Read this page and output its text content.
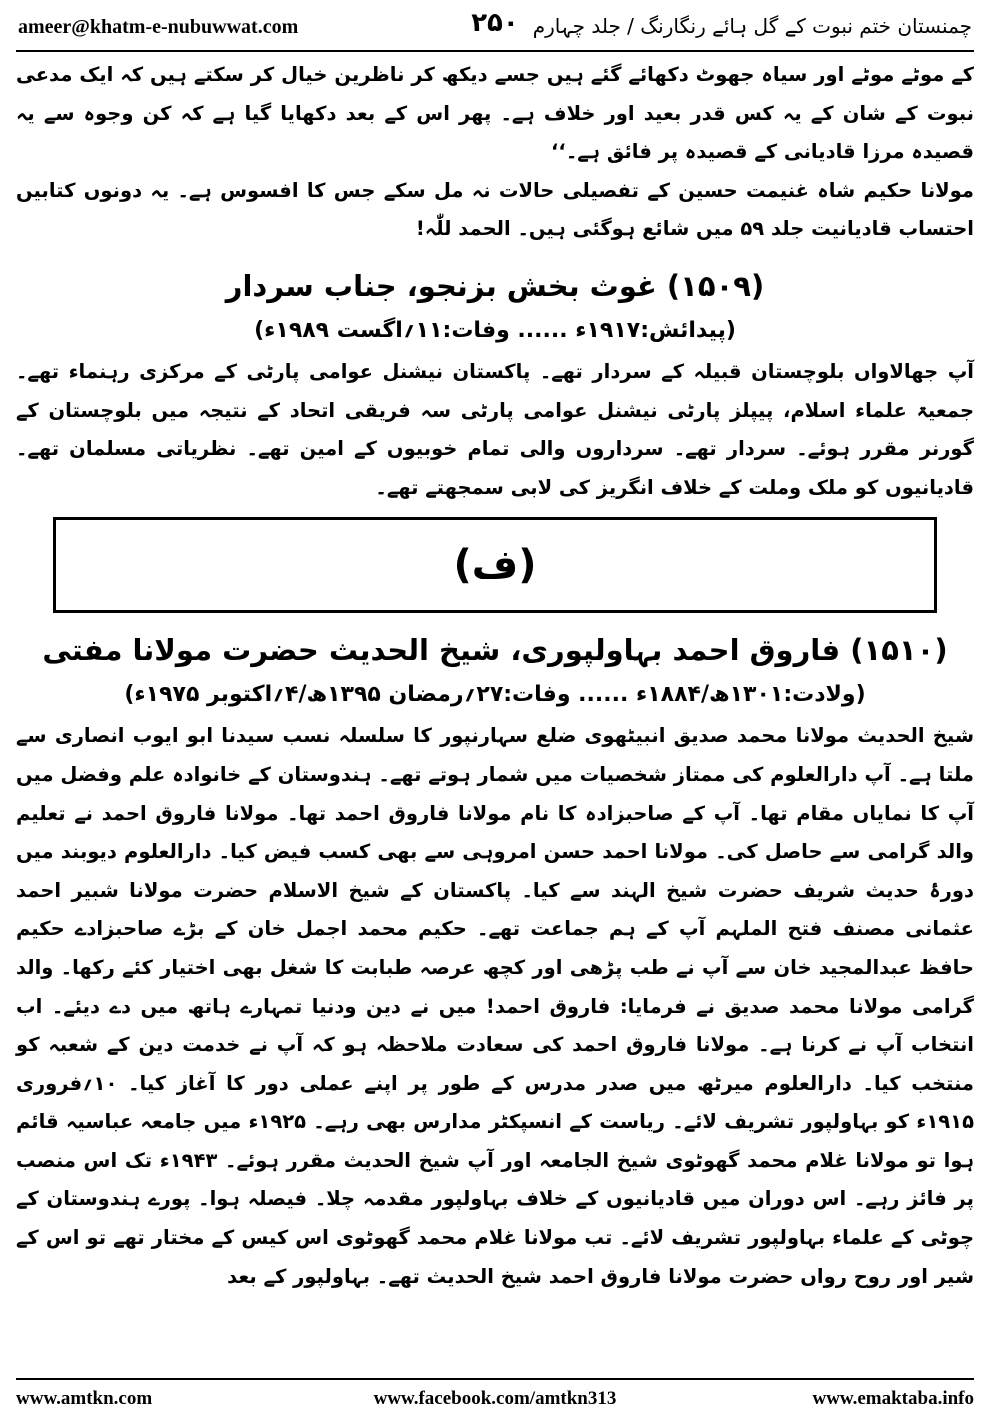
ameer@khatm-e-nubuwwat.com	۲۵۰ چمنستان ختم نبوت کے گل ہائے رنگارنگ / جلد چہارم

کے موٹے موٹے اور سیاہ جھوٹ دکھائے گئے ہیں جسے دیکھ کر ناظرین خیال کر سکتے ہیں کہ ایک مدعی نبوت کے شان کے یہ کس قدر بعید اور خلاف ہے۔ پھر اس کے بعد دکھایا گیا ہے کہ کن وجوہ سے یہ قصیدہ مرزا قادیانی کے قصیدہ پر فائق ہے۔‘‘

مولانا حکیم شاہ غنیمت حسین کے تفصیلی حالات نہ مل سکے جس کا افسوس ہے۔ یہ دونوں کتابیں احتساب قادیانیت جلد ۵۹ میں شائع ہوگئی ہیں۔ الحمد للّٰہ!

(۱۵۰۹) غوث بخش بزنجو، جناب سردار
(پیدائش:۱۹۱۷ء ...... وفات:۱۱؍اگست ۱۹۸۹ء)

آپ جھالاواں بلوچستان قبیلہ کے سردار تھے۔ پاکستان نیشنل عوامی پارٹی کے مرکزی رہنماء تھے۔ جمعیۃ علماء اسلام، پیپلز پارٹی نیشنل عوامی پارٹی سہ فریقی اتحاد کے نتیجہ میں بلوچستان کے گورنر مقرر ہوئے۔ سردار تھے۔ سرداروں والی تمام خوبیوں کے امین تھے۔ نظریاتی مسلمان تھے۔ قادیانیوں کو ملک وملت کے خلاف انگریز کی لابی سمجھتے تھے۔

(ف)
(۱۵۱۰) فاروق احمد بہاولپوری، شیخ الحدیث حضرت مولانا مفتی
(ولادت:۱۳۰۱ھ/۱۸۸۴ء ...... وفات:۲۷؍رمضان ۱۳۹۵ھ/۴؍اکتوبر ۱۹۷۵ء)

شیخ الحدیث مولانا محمد صدیق انبیٹھوی ضلع سہارنپور کا سلسلہ نسب سیدنا ابو ایوب انصاری سے ملتا ہے۔ آپ دارالعلوم کی ممتاز شخصیات میں شمار ہوتے تھے۔ ہندوستان کے خانوادہ علم وفضل میں آپ کا نمایاں مقام تھا۔ آپ کے صاحبزادہ کا نام مولانا فاروق احمد تھا۔ مولانا فاروق احمد نے تعلیم والد گرامی سے حاصل کی۔ مولانا احمد حسن امروہی سے بھی کسب فیض کیا۔ دارالعلوم دیوبند میں دورۂ حدیث شریف حضرت شیخ الہند سے کیا۔ پاکستان کے شیخ الاسلام حضرت مولانا شبیر احمد عثمانی مصنف فتح الملہم آپ کے ہم جماعت تھے۔ حکیم محمد اجمل خان کے بڑے صاحبزادے حکیم حافظ عبدالمجید خان سے آپ نے طب پڑھی اور کچھ عرصہ طبابت کا شغل بھی اختیار کئے رکھا۔ والد گرامی مولانا محمد صدیق نے فرمایا: فاروق احمد! میں نے دین ودنیا تمہارے ہاتھ میں دے دیئے۔ اب انتخاب آپ نے کرنا ہے۔ مولانا فاروق احمد کی سعادت ملاحظہ ہو کہ آپ نے خدمت دین کے شعبہ کو منتخب کیا۔ دارالعلوم میرٹھ میں صدر مدرس کے طور پر اپنے عملی دور کا آغاز کیا۔ ۱۰؍فروری ۱۹۱۵ء کو بہاولپور تشریف لائے۔ ریاست کے انسپکٹر مدارس بھی رہے۔ ۱۹۲۵ء میں جامعہ عباسیہ قائم ہوا تو مولانا غلام محمد گھوٹوی شیخ الجامعہ اور آپ شیخ الحدیث مقرر ہوئے۔ ۱۹۴۳ء تک اس منصب پر فائز رہے۔ اس دوران میں قادیانیوں کے خلاف بہاولپور مقدمہ چلا۔ فیصلہ ہوا۔ پورے ہندوستان کے چوٹی کے علماء بہاولپور تشریف لائے۔ تب مولانا غلام محمد گھوٹوی اس کیس کے مختار تھے تو اس کے شیر اور روح رواں حضرت مولانا فاروق احمد شیخ الحدیث تھے۔ بہاولپور کے بعد

www.amtkn.com	www.facebook.com/amtkn313	www.emaktaba.info
